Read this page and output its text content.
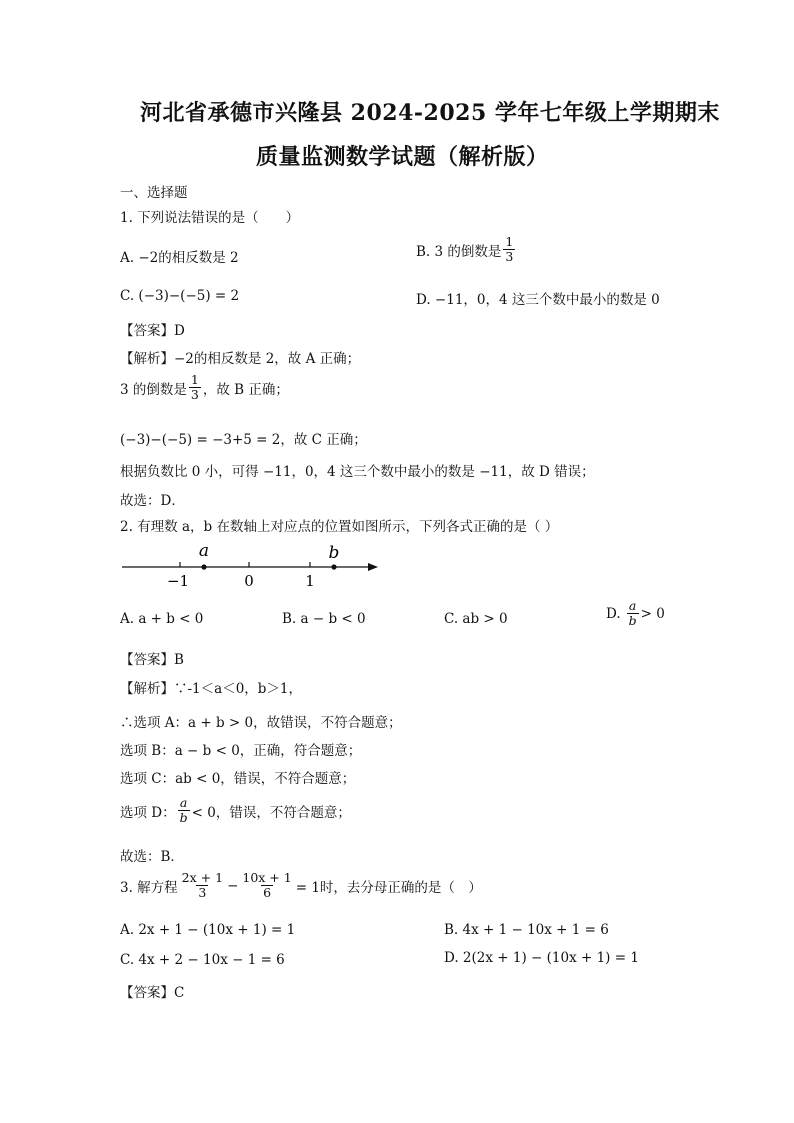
河北省承德市兴隆县 2024-2025 学年七年级上学期期末
质量监测数学试题（解析版）
一、选择题
1. 下列说法错误的是（　　）
A. −2的相反数是 2	B. 3 的倒数是 $\frac{1}{3}$
C. (−3)−(−5) = 2	D. −11，0，4 这三个数中最小的数是 0
【答案】D
【解析】−2的相反数是 2，故 A 正确；
3 的倒数是 $\frac{1}{3}$ ，故 B 正确；
(−3)−(−5) = −3+5 = 2，故 C 正确；
根据负数比 0 小，可得 −11，0，4 这三个数中最小的数是 −11，故 D 错误；
故选：D．
2. 有理数 a，b 在数轴上对应点的位置如图所示，下列各式正确的是（ ）
a	b
−1	0	1
A. a + b < 0	B. a − b < 0	C. ab > 0	D. $\frac{a}{b} > 0$
【答案】B
【解析】∵-1＜a＜0，b＞1，
∴选项 A：a + b > 0，故错误，不符合题意；
选项 B：a − b < 0，正确，符合题意；
选项 C：ab < 0，错误，不符合题意；
选项 D： $\frac{a}{b} < 0$，错误，不符合题意；
故选：B．
3. 解方程 $\frac{2x + 1}{3} - \frac{10x + 1}{6} = 1$时，去分母正确的是（　）
A. 2x + 1 − (10x + 1) = 1	B. 4x + 1 − 10x + 1 = 6
C. 4x + 2 − 10x − 1 = 6	D. 2(2x + 1) − (10x + 1) = 1
【答案】C
